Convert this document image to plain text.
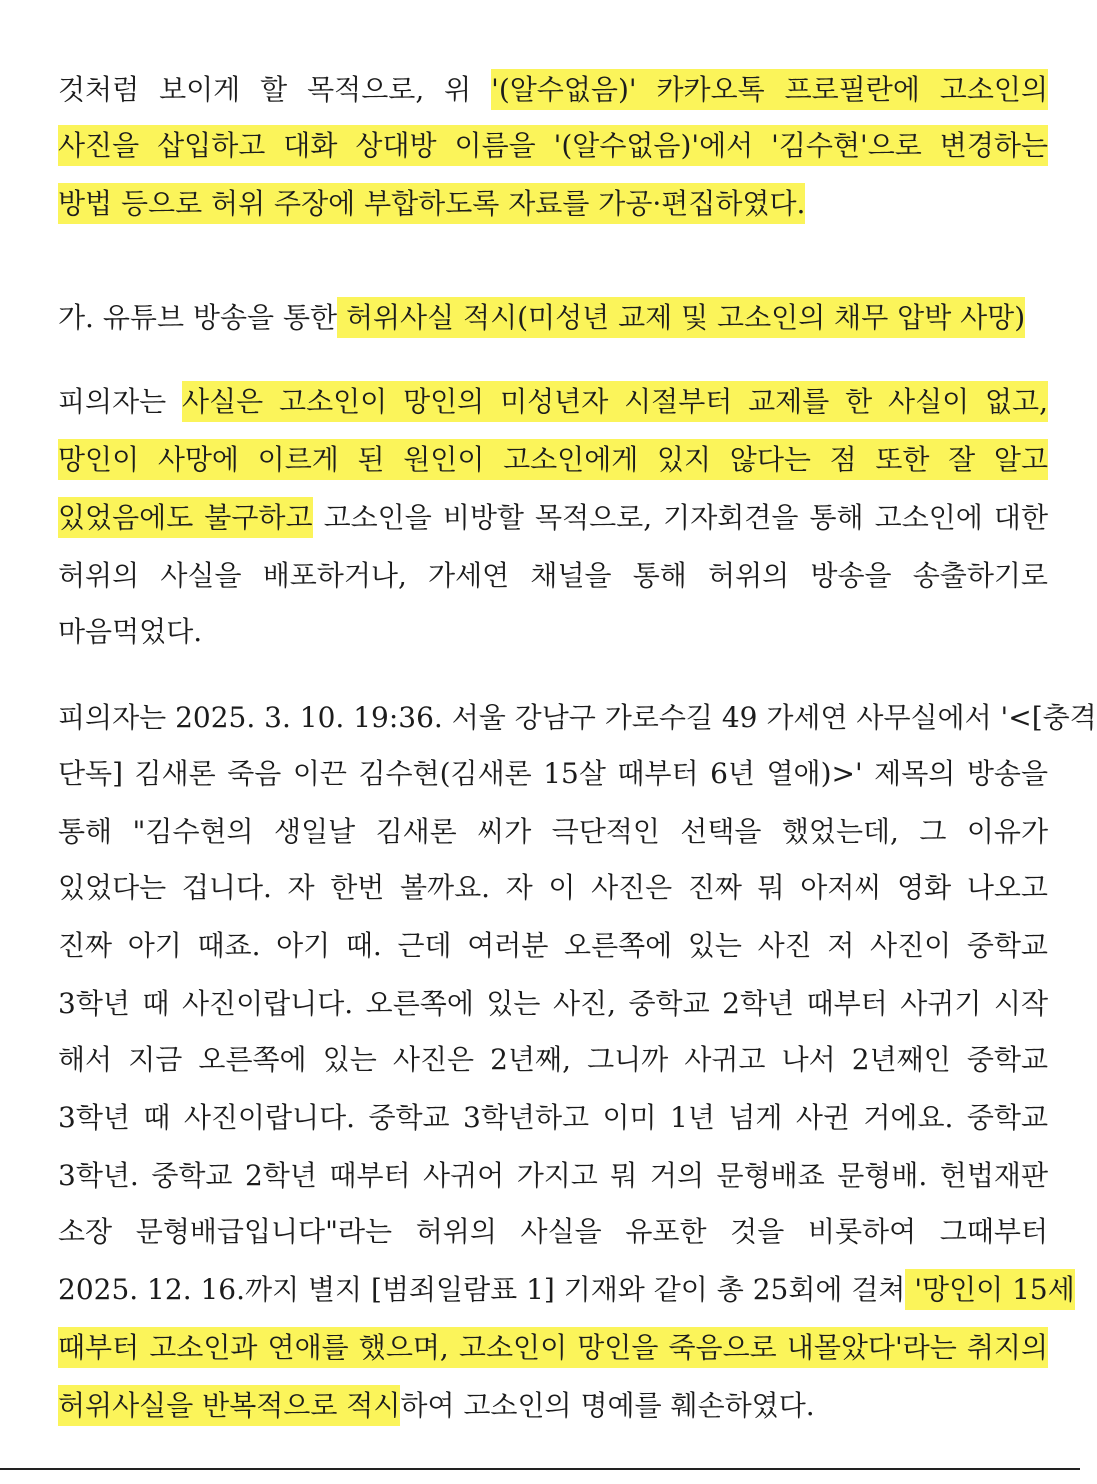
것처럼 보이게 할 목적으로, 위 '(알수없음)' 카카오톡 프로필란에 고소인의
사진을 삽입하고 대화 상대방 이름을 '(알수없음)'에서 '김수현'으로 변경하는
방법 등으로 허위 주장에 부합하도록 자료를 가공·편집하였다.
가. 유튜브 방송을 통한 허위사실 적시(미성년 교제 및 고소인의 채무 압박 사망)
피의자는 사실은 고소인이 망인의 미성년자 시절부터 교제를 한 사실이 없고,
망인이 사망에 이르게 된 원인이 고소인에게 있지 않다는 점 또한 잘 알고
있었음에도 불구하고 고소인을 비방할 목적으로, 기자회견을 통해 고소인에 대한
허위의 사실을 배포하거나, 가세연 채널을 통해 허위의 방송을 송출하기로
마음먹었다.
피의자는 2025. 3. 10. 19:36. 서울 강남구 가로수길 49 가세연 사무실에서 '<[충격
단독] 김새론 죽음 이끈 김수현(김새론 15살 때부터 6년 열애)>' 제목의 방송을
통해 "김수현의 생일날 김새론 씨가 극단적인 선택을 했었는데, 그 이유가
있었다는 겁니다. 자 한번 볼까요. 자 이 사진은 진짜 뭐 아저씨 영화 나오고
진짜 아기 때죠. 아기 때. 근데 여러분 오른쪽에 있는 사진 저 사진이 중학교
3학년 때 사진이랍니다. 오른쪽에 있는 사진, 중학교 2학년 때부터 사귀기 시작
해서 지금 오른쪽에 있는 사진은 2년째, 그니까 사귀고 나서 2년째인 중학교
3학년 때 사진이랍니다. 중학교 3학년하고 이미 1년 넘게 사귄 거에요. 중학교
3학년. 중학교 2학년 때부터 사귀어 가지고 뭐 거의 문형배죠 문형배. 헌법재판
소장 문형배급입니다"라는 허위의 사실을 유포한 것을 비롯하여 그때부터
2025. 12. 16.까지 별지 [범죄일람표 1] 기재와 같이 총 25회에 걸쳐 '망인이 15세
때부터 고소인과 연애를 했으며, 고소인이 망인을 죽음으로 내몰았다'라는 취지의
허위사실을 반복적으로 적시하여 고소인의 명예를 훼손하였다.
